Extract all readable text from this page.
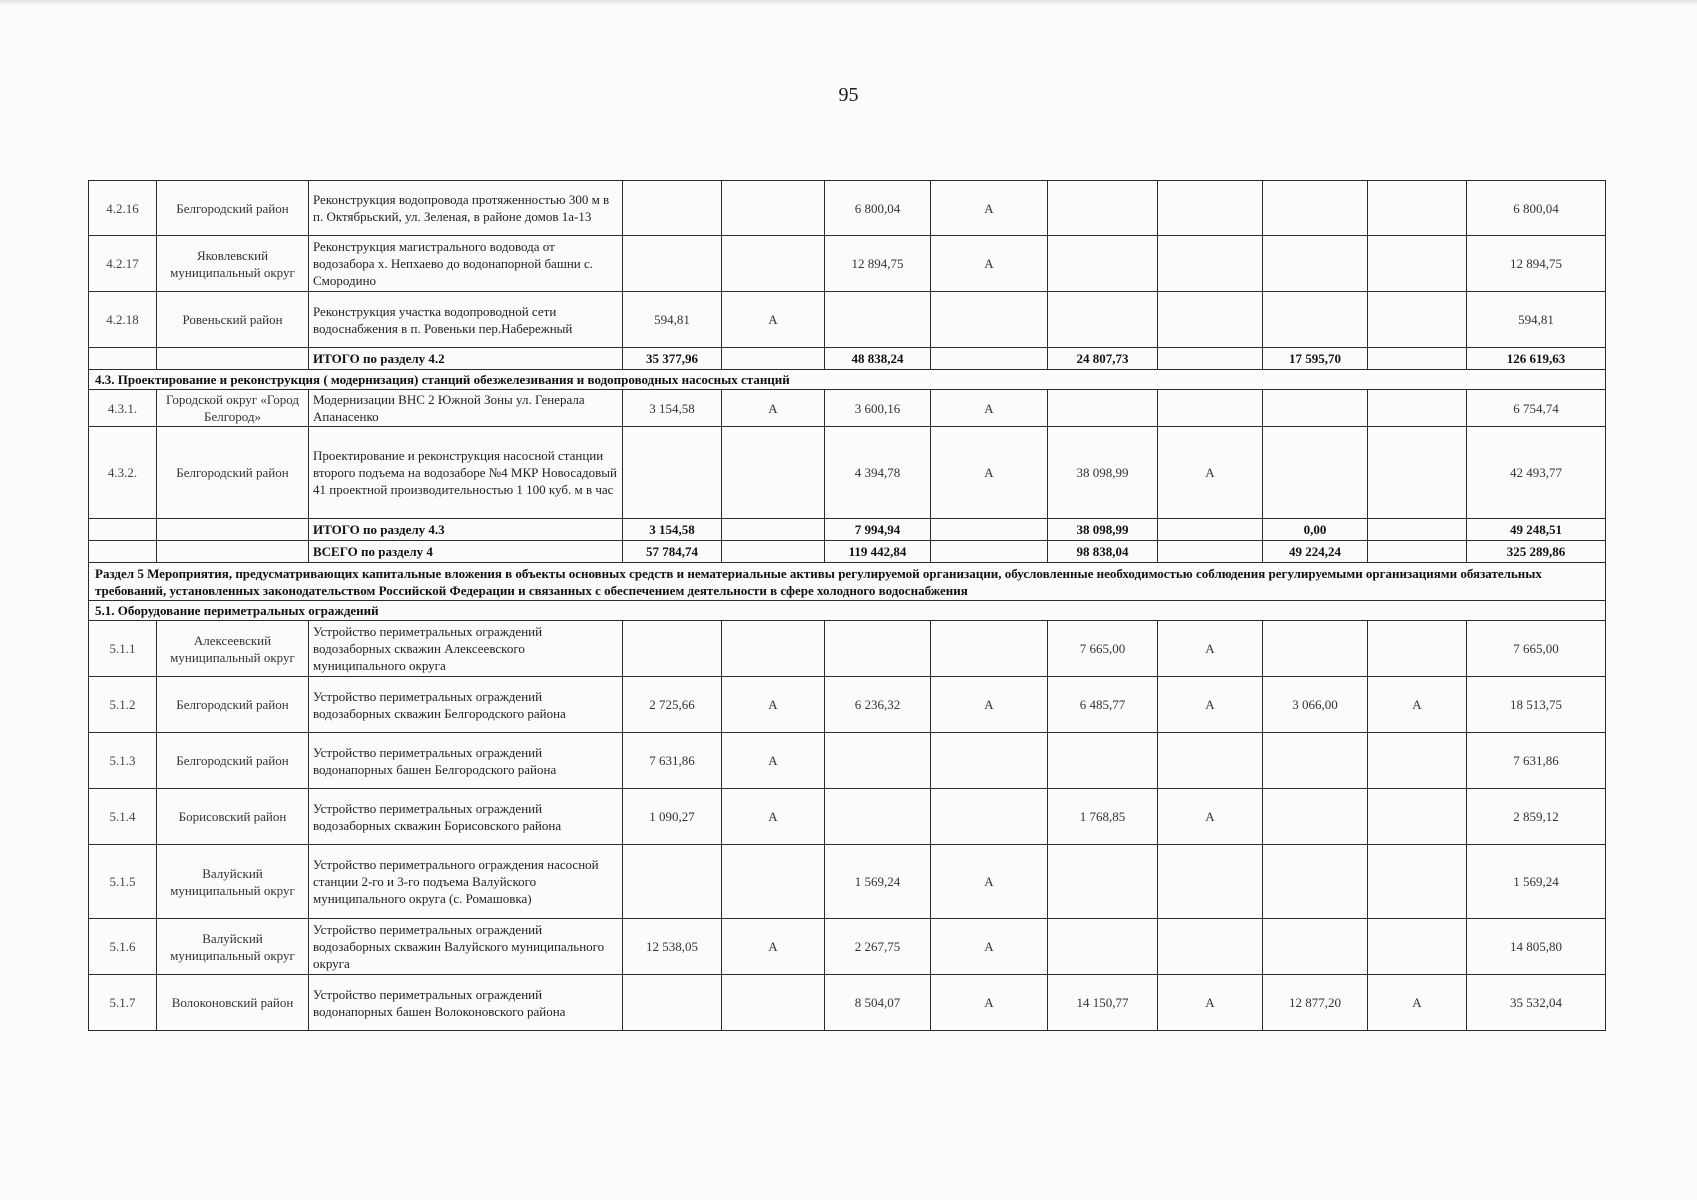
95
4.2.16	Белгородский район	Реконструкция водопровода протяженностью 300 м в п. Октябрьский, ул. Зеленая, в районе домов 1а-13			6 800,04	А					6 800,04
4.2.17	Яковлевский муниципальный округ	Реконструкция магистрального водовода от водозабора х. Непхаево до водонапорной башни с. Смородино			12 894,75	А					12 894,75
4.2.18	Ровеньский район	Реконструкция участка водопроводной сети водоснабжения в п. Ровеньки пер.Набережный	594,81	А							594,81
		ИТОГО по разделу 4.2	35 377,96		48 838,24		24 807,73		17 595,70		126 619,63
4.3. Проектирование и реконструкция ( модернизация) станций обезжелезивания и водопроводных насосных станций											
4.3.1.	Городской округ «Город Белгород»	Модернизации ВНС 2 Южной Зоны ул. Генерала Апанасенко	3 154,58	А	3 600,16	А					6 754,74
4.3.2.	Белгородский район	Проектирование и реконструкция насосной станции второго подъема на водозаборе №4 МКР Новосадовый 41 проектной производительностью 1 100 куб. м в час			4 394,78	А	38 098,99	А			42 493,77
		ИТОГО по разделу 4.3	3 154,58		7 994,94		38 098,99		0,00		49 248,51
		ВСЕГО по разделу 4	57 784,74		119 442,84		98 838,04		49 224,24		325 289,86
Раздел 5 Мероприятия, предусматривающих капитальные вложения в объекты основных средств и нематериальные активы регулируемой организации, обусловленные необходимостью соблюдения регулируемыми организациями обязательных требований, установленных законодательством Российской Федерации и связанных с обеспечением деятельности в сфере холодного водоснабжения											
5.1. Оборудование периметральных ограждений											
5.1.1	Алексеевский муниципальный округ	Устройство периметральных ограждений водозаборных скважин Алексеевского муниципального округа					7 665,00	А			7 665,00
5.1.2	Белгородский район	Устройство периметральных ограждений водозаборных скважин Белгородского района	2 725,66	А	6 236,32	А	6 485,77	А	3 066,00	А	18 513,75
5.1.3	Белгородский район	Устройство периметральных ограждений водонапорных башен Белгородского района	7 631,86	А							7 631,86
5.1.4	Борисовский район	Устройство периметральных ограждений водозаборных скважин Борисовского района	1 090,27	А			1 768,85	А			2 859,12
5.1.5	Валуйский муниципальный округ	Устройство периметрального ограждения насосной станции 2-го и 3-го подъема Валуйского муниципального округа (с. Ромашовка)			1 569,24	А					1 569,24
5.1.6	Валуйский муниципальный округ	Устройство периметральных ограждений водозаборных скважин Валуйского муниципального округа	12 538,05	А	2 267,75	А					14 805,80
5.1.7	Волоконовский район	Устройство периметральных ограждений водонапорных башен Волоконовского района			8 504,07	А	14 150,77	А	12 877,20	А	35 532,04
